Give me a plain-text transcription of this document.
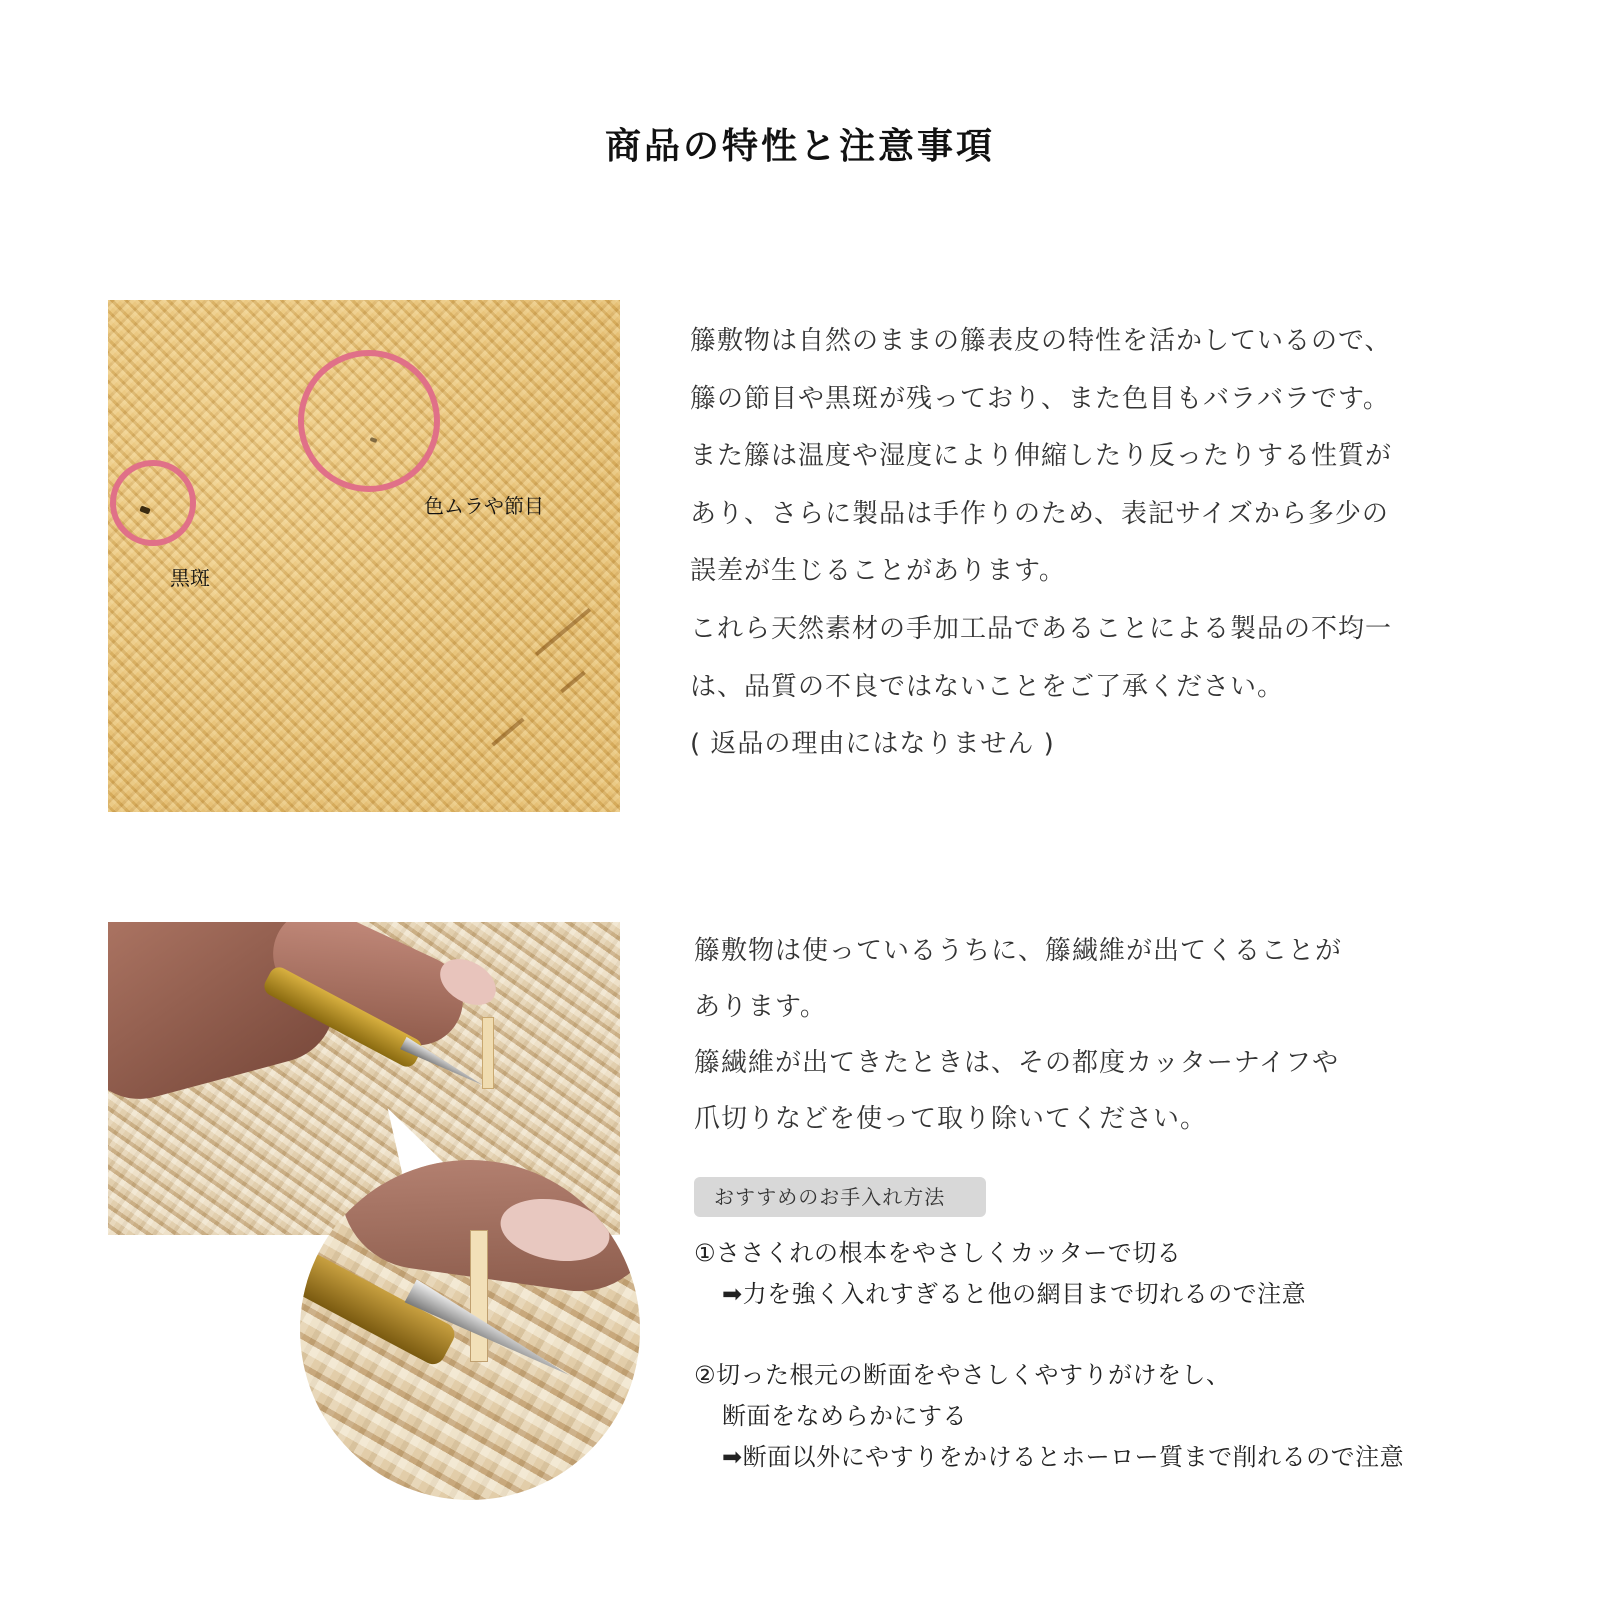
商品の特性と注意事項
色ムラや節目
黒斑
籐敷物は自然のままの籐表皮の特性を活かしているので、
籐の節目や黒斑が残っており、また色目もバラバラです。
また籐は温度や湿度により伸縮したり反ったりする性質が
あり、さらに製品は手作りのため、表記サイズから多少の
誤差が生じることがあります。
これら天然素材の手加工品であることによる製品の不均一
は、品質の不良ではないことをご了承ください。
( 返品の理由にはなりません )
籐敷物は使っているうちに、籐繊維が出てくることが
あります。
籐繊維が出てきたときは、その都度カッターナイフや
爪切りなどを使って取り除いてください。
おすすめのお手入れ方法
①ささくれの根本をやさしくカッターで切る
➡力を強く入れすぎると他の網目まで切れるので注意
②切った根元の断面をやさしくやすりがけをし、
断面をなめらかにする
➡断面以外にやすりをかけるとホーロー質まで削れるので注意
